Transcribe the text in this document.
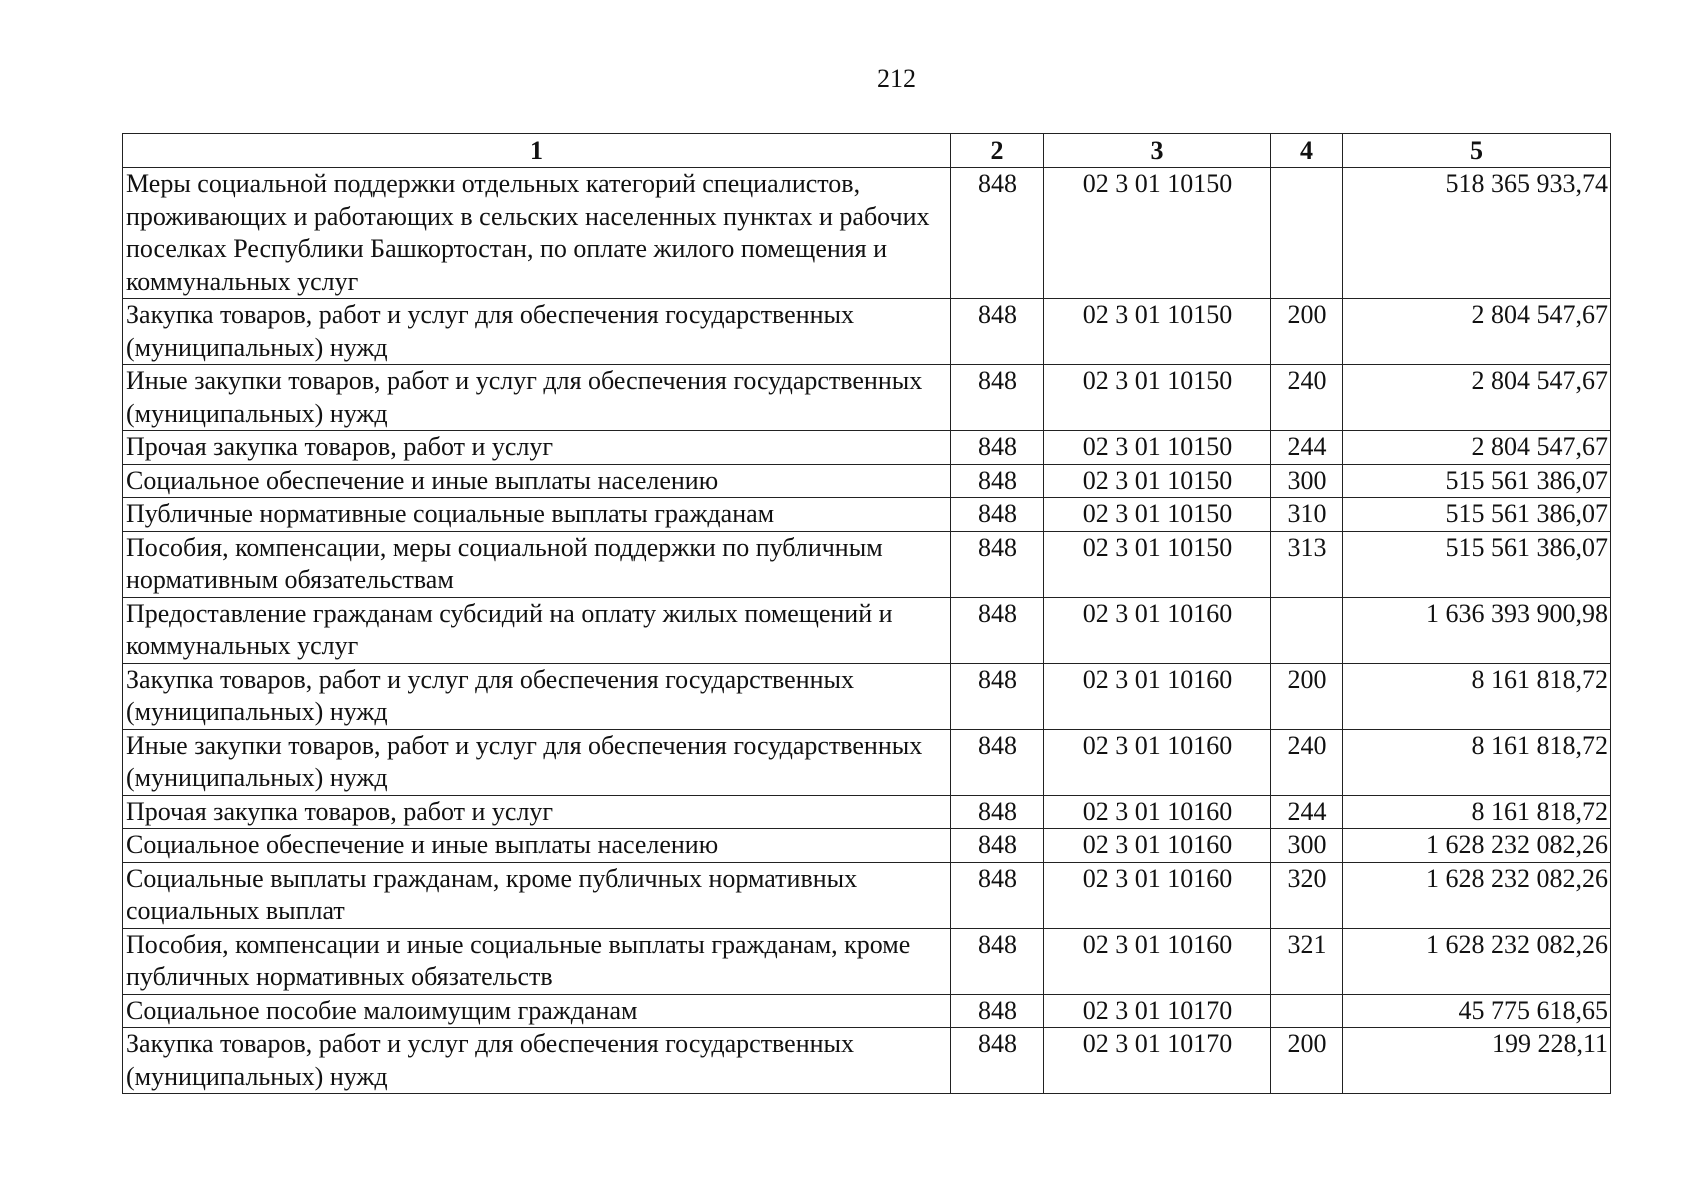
212
1	2	3	4	5
Меры социальной поддержки отдельных категорий специалистов, проживающих и работающих в сельских населенных пунктах и рабочих поселках Республики Башкортостан, по оплате жилого помещения и коммунальных услуг	848	02 3 01 10150		518 365 933,74
Закупка товаров, работ и услуг для обеспечения государственных (муниципальных) нужд	848	02 3 01 10150	200	2 804 547,67
Иные закупки товаров, работ и услуг для обеспечения государственных (муниципальных) нужд	848	02 3 01 10150	240	2 804 547,67
Прочая закупка товаров, работ и услуг	848	02 3 01 10150	244	2 804 547,67
Социальное обеспечение и иные выплаты населению	848	02 3 01 10150	300	515 561 386,07
Публичные нормативные социальные выплаты гражданам	848	02 3 01 10150	310	515 561 386,07
Пособия, компенсации, меры социальной поддержки по публичным нормативным обязательствам	848	02 3 01 10150	313	515 561 386,07
Предоставление гражданам субсидий на оплату жилых помещений и коммунальных услуг	848	02 3 01 10160		1 636 393 900,98
Закупка товаров, работ и услуг для обеспечения государственных (муниципальных) нужд	848	02 3 01 10160	200	8 161 818,72
Иные закупки товаров, работ и услуг для обеспечения государственных (муниципальных) нужд	848	02 3 01 10160	240	8 161 818,72
Прочая закупка товаров, работ и услуг	848	02 3 01 10160	244	8 161 818,72
Социальное обеспечение и иные выплаты населению	848	02 3 01 10160	300	1 628 232 082,26
Социальные выплаты гражданам, кроме публичных нормативных социальных выплат	848	02 3 01 10160	320	1 628 232 082,26
Пособия, компенсации и иные социальные выплаты гражданам, кроме публичных нормативных обязательств	848	02 3 01 10160	321	1 628 232 082,26
Социальное пособие малоимущим гражданам	848	02 3 01 10170		45 775 618,65
Закупка товаров, работ и услуг для обеспечения государственных (муниципальных) нужд	848	02 3 01 10170	200	199 228,11
